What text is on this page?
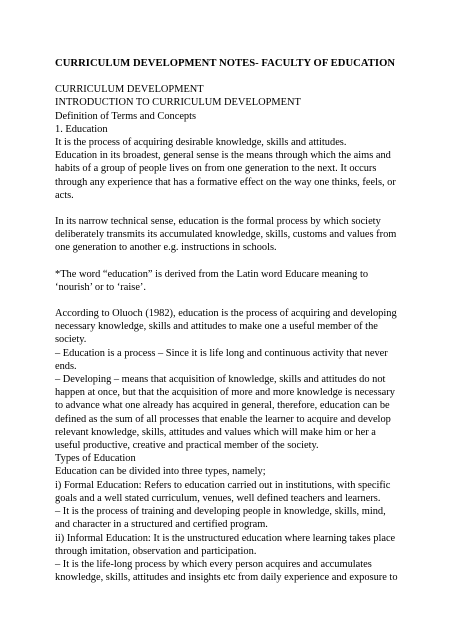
CURRICULUM DEVELOPMENT NOTES- FACULTY OF EDUCATION
CURRICULUM DEVELOPMENT
INTRODUCTION TO CURRICULUM DEVELOPMENT
Definition of Terms and Concepts
1. Education
It is the process of acquiring desirable knowledge, skills and attitudes.
Education in its broadest, general sense is the means through which the aims and
habits of a group of people lives on from one generation to the next. It occurs
through any experience that has a formative effect on the way one thinks, feels, or
acts.
In its narrow technical sense, education is the formal process by which society
deliberately transmits its accumulated knowledge, skills, customs and values from
one generation to another e.g. instructions in schools.
*The word “education” is derived from the Latin word Educare meaning to
‘nourish’ or to ‘raise’.
According to Oluoch (1982), education is the process of acquiring and developing
necessary knowledge, skills and attitudes to make one a useful member of the
society.
– Education is a process – Since it is life long and continuous activity that never
ends.
– Developing – means that acquisition of knowledge, skills and attitudes do not
happen at once, but that the acquisition of more and more knowledge is necessary
to advance what one already has acquired in general, therefore, education can be
defined as the sum of all processes that enable the learner to acquire and develop
relevant knowledge, skills, attitudes and values which will make him or her a
useful productive, creative and practical member of the society.
Types of Education
Education can be divided into three types, namely;
i) Formal Education: Refers to education carried out in institutions, with specific
goals and a well stated curriculum, venues, well defined teachers and learners.
– It is the process of training and developing people in knowledge, skills, mind,
and character in a structured and certified program.
ii) Informal Education: It is the unstructured education where learning takes place
through imitation, observation and participation.
– It is the life-long process by which every person acquires and accumulates
knowledge, skills, attitudes and insights etc from daily experience and exposure to
